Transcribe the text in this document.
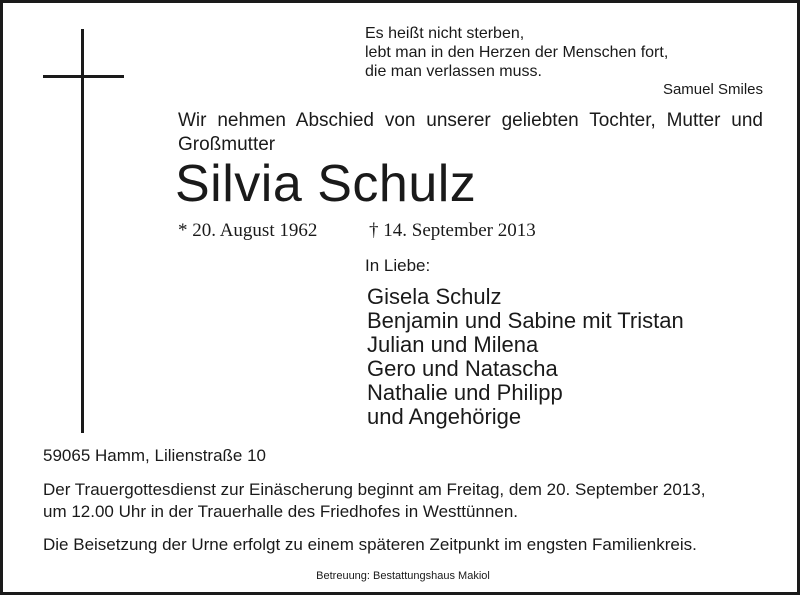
Es heißt nicht sterben,
lebt man in den Herzen der Menschen fort,
die man verlassen muss.
Samuel Smiles
Wir nehmen Abschied von unserer geliebten Tochter, Mutter und Großmutter
Silvia Schulz
* 20. August 1962	† 14. September 2013
In Liebe:
Gisela Schulz
Benjamin und Sabine mit Tristan
Julian und Milena
Gero und Natascha
Nathalie und Philipp
und Angehörige
59065 Hamm, Lilienstraße 10
Der Trauergottesdienst zur Einäscherung beginnt am Freitag, dem 20. September 2013,
um 12.00 Uhr in der Trauerhalle des Friedhofes in Westtünnen.
Die Beisetzung der Urne erfolgt zu einem späteren Zeitpunkt im engsten Familienkreis.
Betreuung: Bestattungshaus Makiol
